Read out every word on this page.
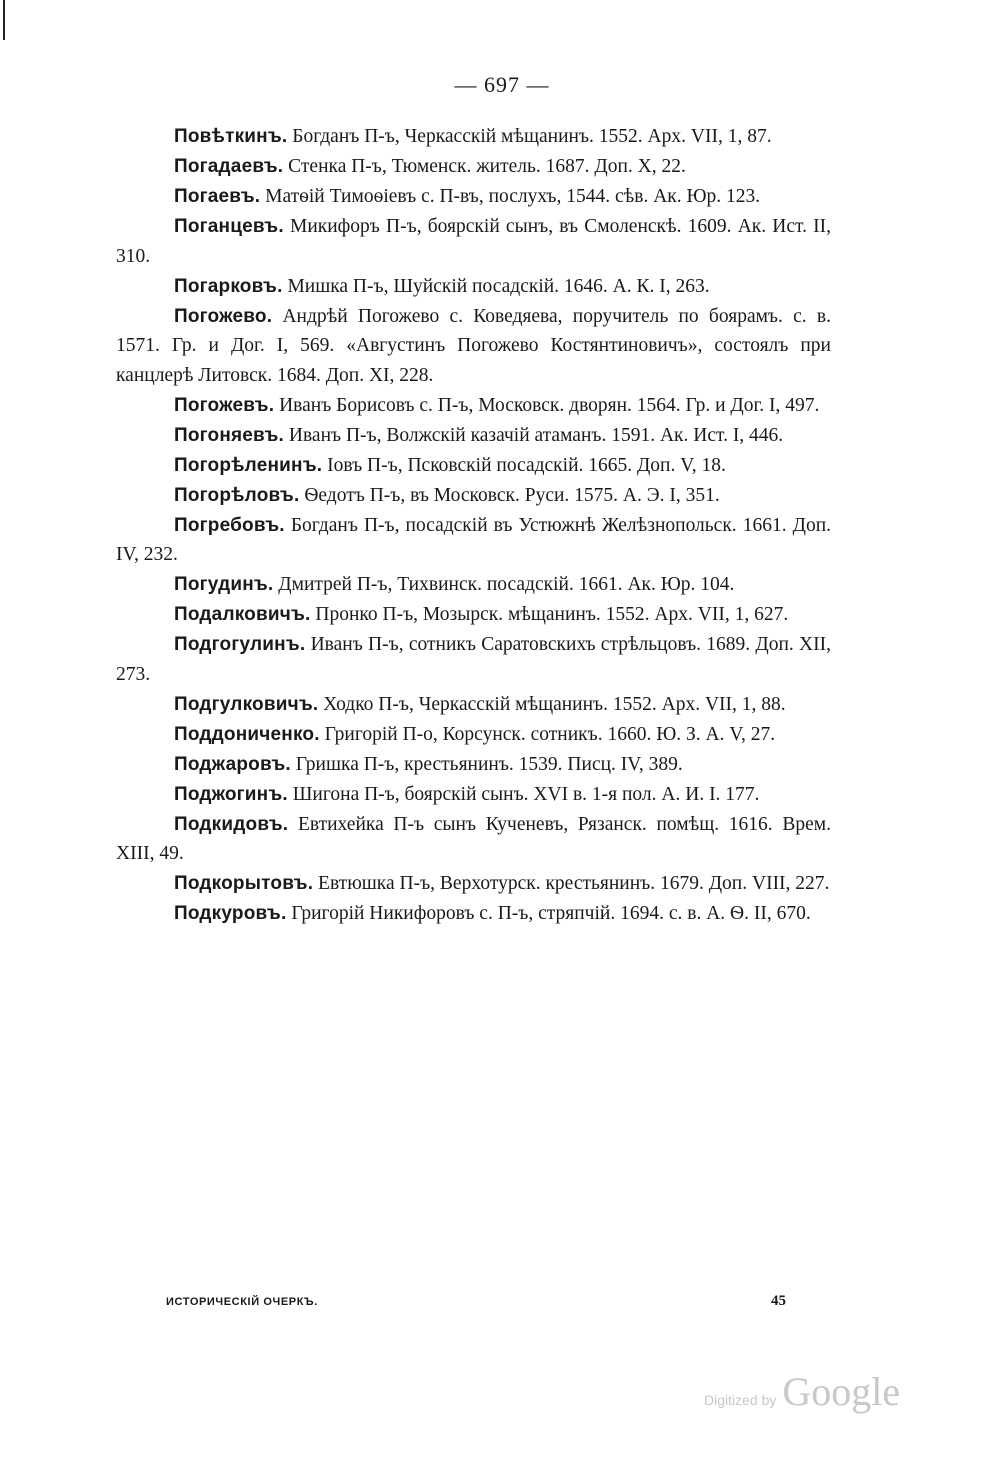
— 697 —

Повѣткинъ. Богданъ П-ъ, Черкасскій мѣщанинъ. 1552. Арх. VII, 1, 87.

Погадаевъ. Стенка П-ъ, Тюменск. житель. 1687. Доп. X, 22.

Погаевъ. Матѳій Тимоѳіевъ с. П-въ, послухъ, 1544. сѣв. Ак. Юр. 123.

Поганцевъ. Микифоръ П-ъ, боярскій сынъ, въ Смоленскѣ. 1609. Ак. Ист. II, 310.

Погарковъ. Мишка П-ъ, Шуйскій посадскій. 1646. А. К. I, 263.

Погожево. Андрѣй Погожево с. Коведяева, поручитель по боярамъ. с. в. 1571. Гр. и Дог. I, 569. «Августинъ Погожево Костянтиновичъ», состоялъ при канцлерѣ Литовск. 1684. Доп. XI, 228.

Погожевъ. Иванъ Борисовъ с. П-ъ, Московск. дворян. 1564. Гр. и Дог. I, 497.

Погоняевъ. Иванъ П-ъ, Волжскій казачій атаманъ. 1591. Ак. Ист. I, 446.

Погорѣленинъ. Іовъ П-ъ, Псковскій посадскій. 1665. Доп. V, 18.

Погорѣловъ. Ѳедотъ П-ъ, въ Московск. Руси. 1575. А. Э. I, 351.

Погребовъ. Богданъ П-ъ, посадскій въ Устюжнѣ Желѣзнопольск. 1661. Доп. IV, 232.

Погудинъ. Дмитрей П-ъ, Тихвинск. посадскій. 1661. Ак. Юр. 104.

Подалковичъ. Пронко П-ъ, Мозырск. мѣщанинъ. 1552. Арх. VII, 1, 627.

Подгогулинъ. Иванъ П-ъ, сотникъ Саратовскихъ стрѣльцовъ. 1689. Доп. XII, 273.

Подгулковичъ. Ходко П-ъ, Черкасскій мѣщанинъ. 1552. Арх. VII, 1, 88.

Поддониченко. Григорій П-о, Корсунск. сотникъ. 1660. Ю. З. А. V, 27.

Поджаровъ. Гришка П-ъ, крестьянинъ. 1539. Писц. IV, 389.

Поджогинъ. Шигона П-ъ, боярскій сынъ. XVI в. 1-я пол. А. И. I. 177.

Подкидовъ. Евтихейка П-ъ сынъ Кученевъ, Рязанск. помѣщ. 1616. Врем. XIII, 49.

Подкорытовъ. Евтюшка П-ъ, Верхотурск. крестьянинъ. 1679. Доп. VIII, 227.

Подкуровъ. Григорій Никифоровъ с. П-ъ, стряпчій. 1694. с. в. А. Ѳ. II, 670.

ИСТОРИЧЕСКІЙ ОЧЕРКЪ.	45
Digitized by Google
